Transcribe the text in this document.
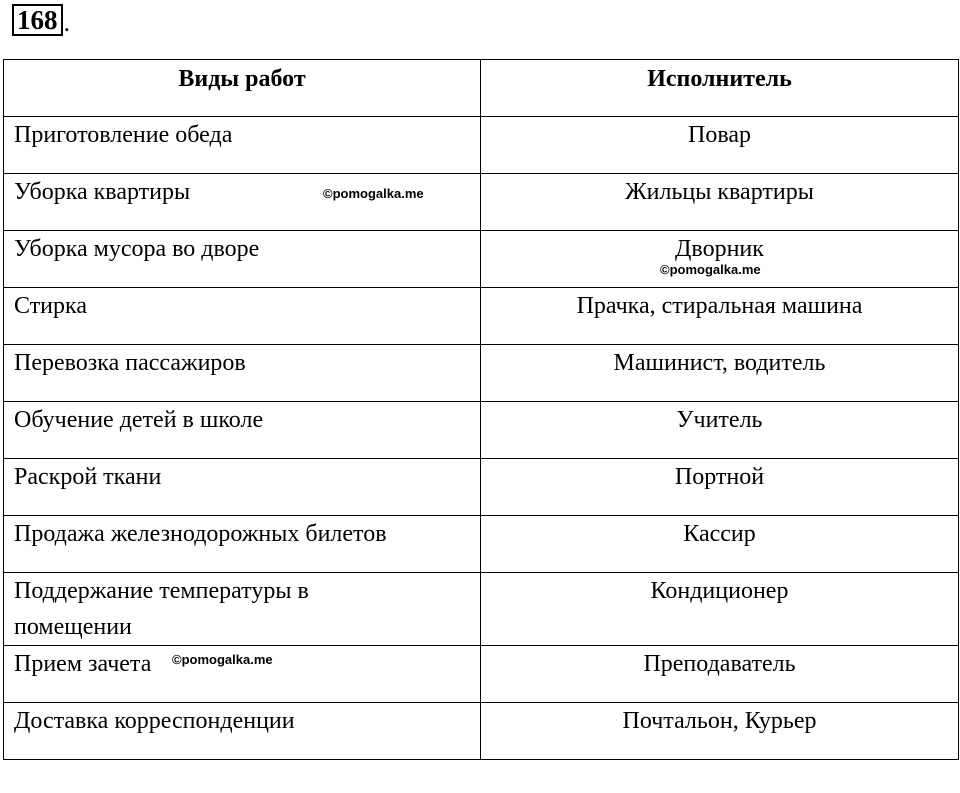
168 .
Виды работ	Исполнитель
Приготовление обеда	Повар
Уборка квартиры	Жильцы квартиры
Уборка мусора во дворе	Дворник
Стирка	Прачка, стиральная машина
Перевозка пассажиров	Машинист, водитель
Обучение детей в школе	Учитель
Раскрой ткани	Портной
Продажа железнодорожных билетов	Кассир
Поддержание температуры в помещении	Кондиционер
Прием зачета	Преподаватель
Доставка корреспонденции	Почтальон, Курьер
©pomogalka.me
©pomogalka.me
©pomogalka.me
